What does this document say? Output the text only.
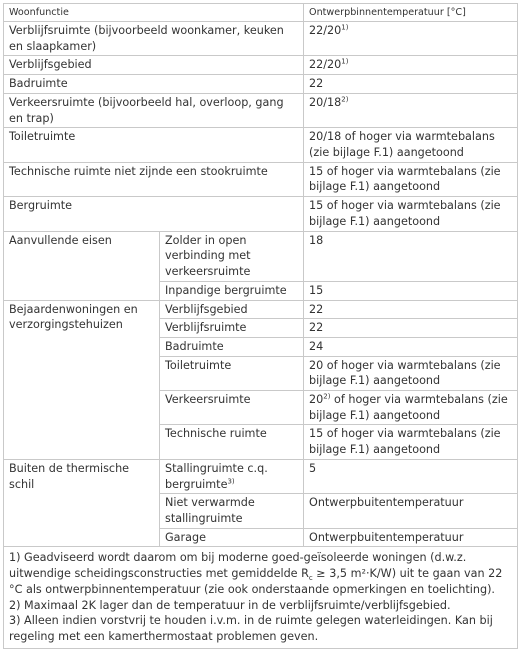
Woonfunctie		Ontwerpbinnentemperatuur [°C]
Verblijfsruimte (bijvoorbeeld woonkamer, keuken en slaapkamer)		22/20$^{1)}$
Verblijfsgebied		22/20$^{1)}$
Badruimte		22
Verkeersruimte (bijvoorbeeld hal, overloop, gang en trap)		20/18$^{2)}$
Toiletruimte		20/18 of hoger via warmtebalans (zie bijlage F.1) aangetoond
Technische ruimte niet zijnde een stookruimte		15 of hoger via warmtebalans (zie bijlage F.1) aangetoond
Bergruimte		15 of hoger via warmtebalans (zie bijlage F.1) aangetoond
Aanvullende eisen	Zolder in open verbinding met verkeersruimte	18
	Inpandige bergruimte	15
Bejaardenwoningen en verzorgingstehuizen	Verblijfsgebied	22
	Verblijfsruimte	22
	Badruimte	24
	Toiletruimte	20 of hoger via warmtebalans (zie bijlage F.1) aangetoond
	Verkeersruimte	20$^{2)}$ of hoger via warmtebalans (zie bijlage F.1) aangetoond
	Technische ruimte	15 of hoger via warmtebalans (zie bijlage F.1) aangetoond
Buiten de thermische schil	Stallingruimte c.q. bergruimte$^{3)}$	5
	Niet verwarmde stallingruimte	Ontwerpbuitentemperatuur
	Garage	Ontwerpbuitentemperatuur

1) Geadviseerd wordt daarom om bij moderne goed-geïsoleerde woningen (d.w.z. uitwendige scheidingsconstructies met gemiddelde $R_c \ge 3,5$ m²·K/W) uit te gaan van 22 °C als ontwerpbinnentemperatuur (zie ook onderstaande opmerkingen en toelichting).
2) Maximaal 2K lager dan de temperatuur in de verblijfsruimte/verblijfsgebied.
3) Alleen indien vorstvrij te houden i.v.m. in de ruimte gelegen waterleidingen. Kan bij regeling met een kamerthermostaat problemen geven.		
